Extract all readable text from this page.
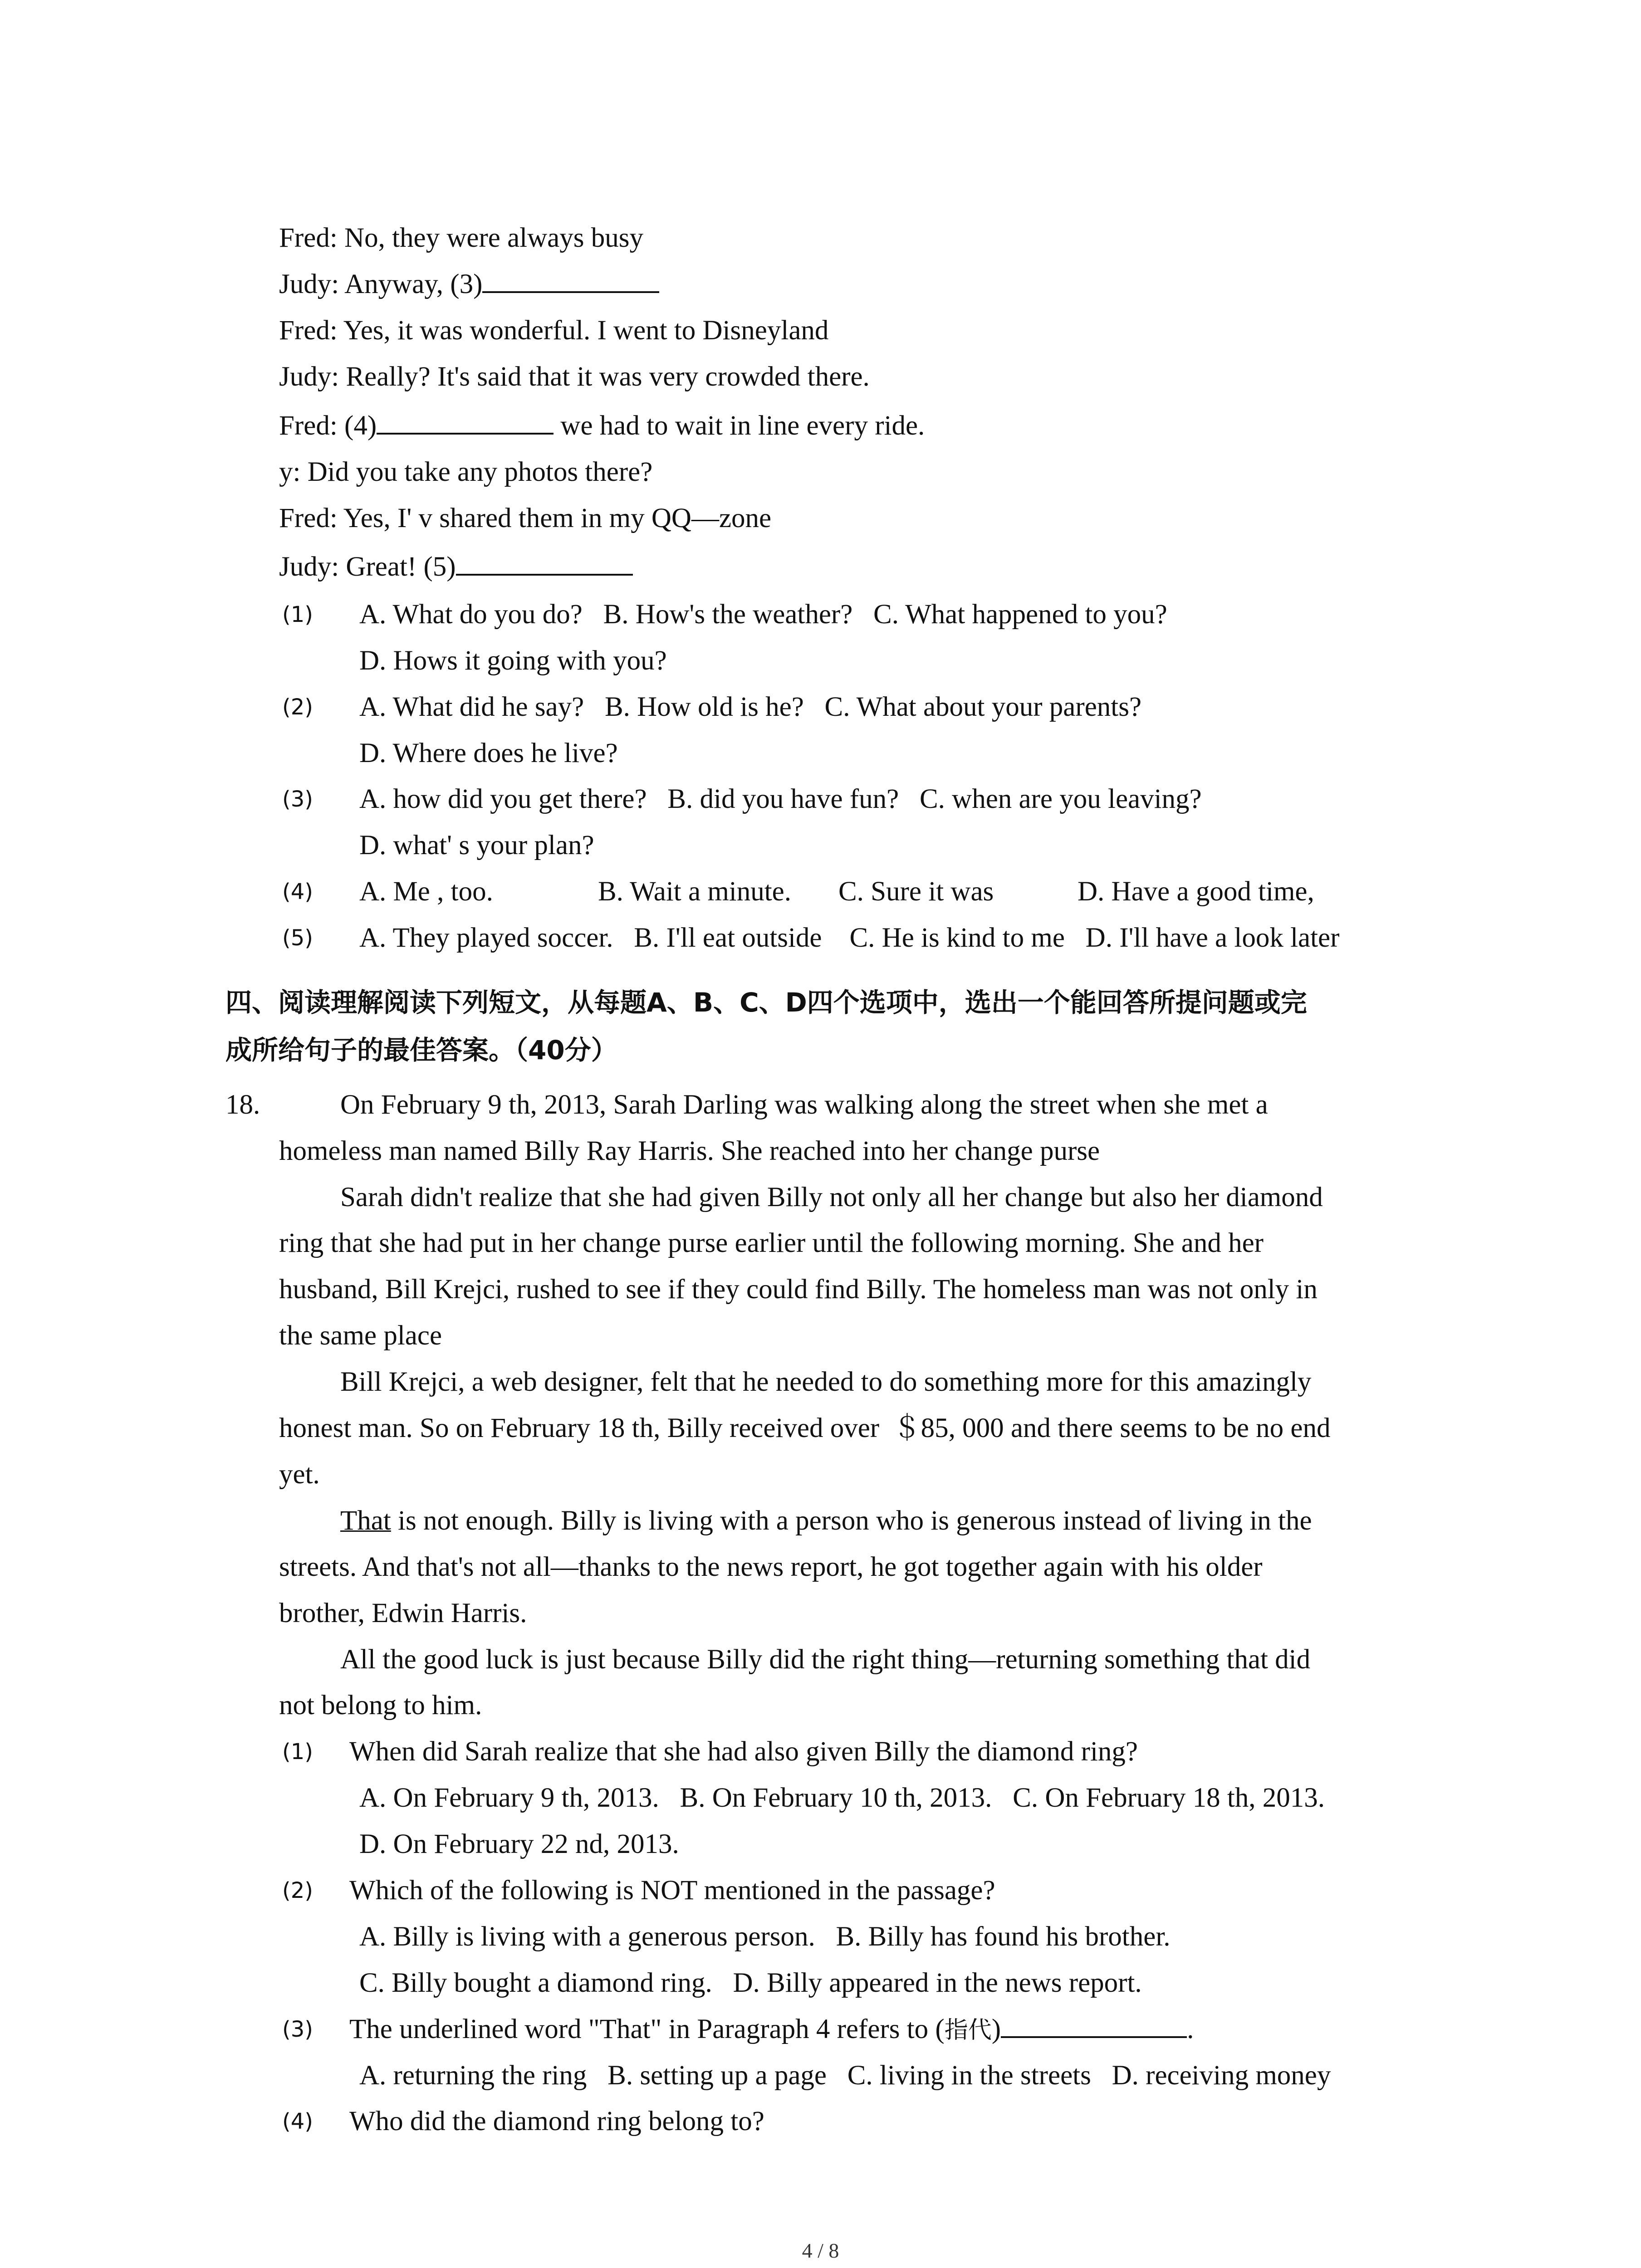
Fred: No, they were always busy
Judy: Anyway, (3)
Fred: Yes, it was wonderful. I went to Disneyland
Judy: Really? It's said that it was very crowded there.
Fred: (4)	we had to wait in line every ride.
y: Did you take any photos there?
Fred: Yes, I' v shared them in my QQ—zone
Judy: Great! (5)
(1) A. What do you do?   B. How's the weather?   C. What happened to you?
D. Hows it going with you?
(2) A. What did he say?   B. How old is he?   C. What about your parents?
D. Where does he live?
(3) A. how did you get there?   B. did you have fun?   C. when are you leaving?
D. what' s your plan?
(4) A. Me , too.	B. Wait a minute. C. Sure it was	D. Have a good time,
(5) A. They played soccer.   B. I'll eat outside    C. He is kind to me   D. I'll have a look later
四、阅读理解阅读下列短文，从每题A、B、C、D四个选项中，选出一个能回答所提问题或完
成所给句子的最佳答案。（40分）
18.	On February 9 th, 2013, Sarah Darling was walking along the street when she met a
homeless man named Billy Ray Harris. She reached into her change purse
Sarah didn't realize that she had given Billy not only all her change but also her diamond
ring that she had put in her change purse earlier until the following morning. She and her
husband, Bill Krejci, rushed to see if they could find Billy. The homeless man was not only in
the same place
Bill Krejci, a web designer, felt that he needed to do something more for this amazingly
honest man. So on February 18 th, Billy received over  ＄85, 000 and there seems to be no end
yet.
That is not enough. Billy is living with a person who is generous instead of living in the
streets. And that's not all—thanks to the news report, he got together again with his older
brother, Edwin Harris.
All the good luck is just because Billy did the right thing—returning something that did
not belong to him.
(1) When did Sarah realize that she had also given Billy the diamond ring?
A. On February 9 th, 2013.   B. On February 10 th, 2013.   C. On February 18 th, 2013.
D. On February 22 nd, 2013.
(2) Which of the following is NOT mentioned in the passage?
A. Billy is living with a generous person.   B. Billy has found his brother.
C. Billy bought a diamond ring.   D. Billy appeared in the news report.
(3) The underlined word "That" in Paragraph 4 refers to (指代)	.
A. returning the ring   B. setting up a page   C. living in the streets   D. receiving money
(4) Who did the diamond ring belong to?
4 / 8
